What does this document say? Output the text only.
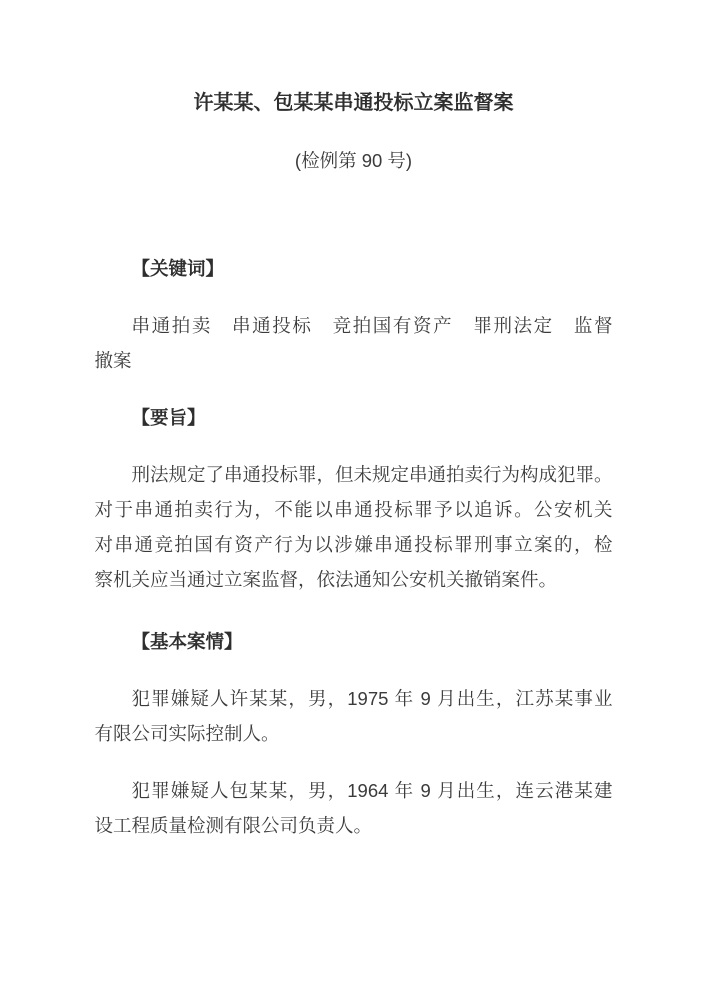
许某某、包某某串通投标立案监督案
(检例第 90 号)
【关键词】
串通拍卖　串通投标　竞拍国有资产　罪刑法定　监督
撤案
【要旨】
刑法规定了串通投标罪，但未规定串通拍卖行为构成犯罪。
对于串通拍卖行为，不能以串通投标罪予以追诉。公安机关
对串通竞拍国有资产行为以涉嫌串通投标罪刑事立案的，检
察机关应当通过立案监督，依法通知公安机关撤销案件。
【基本案情】
犯罪嫌疑人许某某，男，1975 年 9 月出生，江苏某事业
有限公司实际控制人。
犯罪嫌疑人包某某，男，1964 年 9 月出生，连云港某建
设工程质量检测有限公司负责人。
